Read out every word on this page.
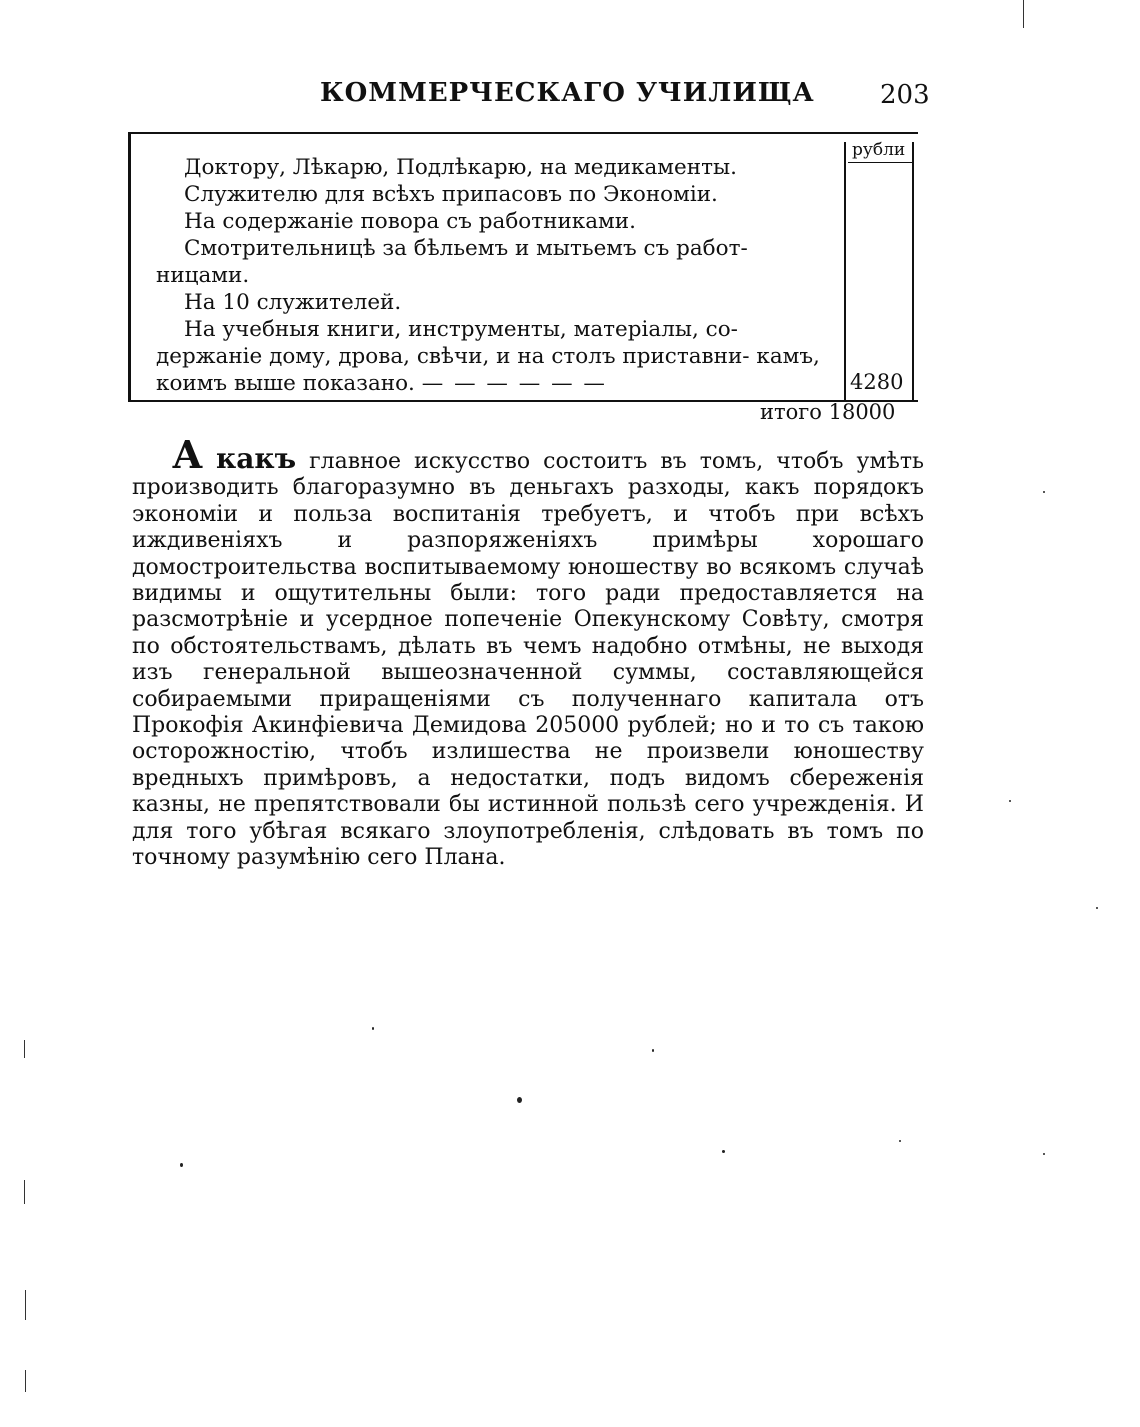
КОММЕРЧЕСКАГО УЧИЛИЩА	203
рубли
Доктору, Лѣкарю, Подлѣкарю, на медикаменты.
Служителю для всѣхъ припасовъ по Экономіи.
На содержаніе повора съ работниками.
Смотрительницѣ за бѣльемъ и мытьемъ съ работ- ницами.
На 10 служителей.
На учебныя книги, инструменты, матеріалы, со- держаніе дому, дрова, свѣчи, и на столъ приставни- камъ, коимъ выше показано. — — — — — —	4280
итого 18000

А какъ главное искусство состоитъ въ томъ, чтобъ умѣть производить благоразумно въ деньгахъ разходы, какъ порядокъ экономіи и польза воспитанія требуетъ, и чтобъ при всѣхъ иждивеніяхъ и разпоряженіяхъ примѣры хорошаго домостроительства воспитываемому юношеству во всякомъ случаѣ видимы и ощутительны были: того ради предоставляется на разсмотрѣніе и усердное попеченіе Опекунскому Совѣту, смотря по обстоятельствамъ, дѣлать въ чемъ надобно отмѣны, не выходя изъ генеральной вышеозначенной суммы, составляющейся собираемыми приращеніями съ полученнаго капитала отъ Прокофія Акинфіевича Демидова 205000 рублей; но и то съ такою осторожностію, чтобъ излишества не произвели юношеству вредныхъ примѣровъ, а недостатки, подъ видомъ сбереженія казны, не препятствовали бы истинной пользѣ сего учрежденія. И для того убѣгая всякаго злоупотребленія, слѣдовать въ томъ по точному разумѣнію сего Плана.
